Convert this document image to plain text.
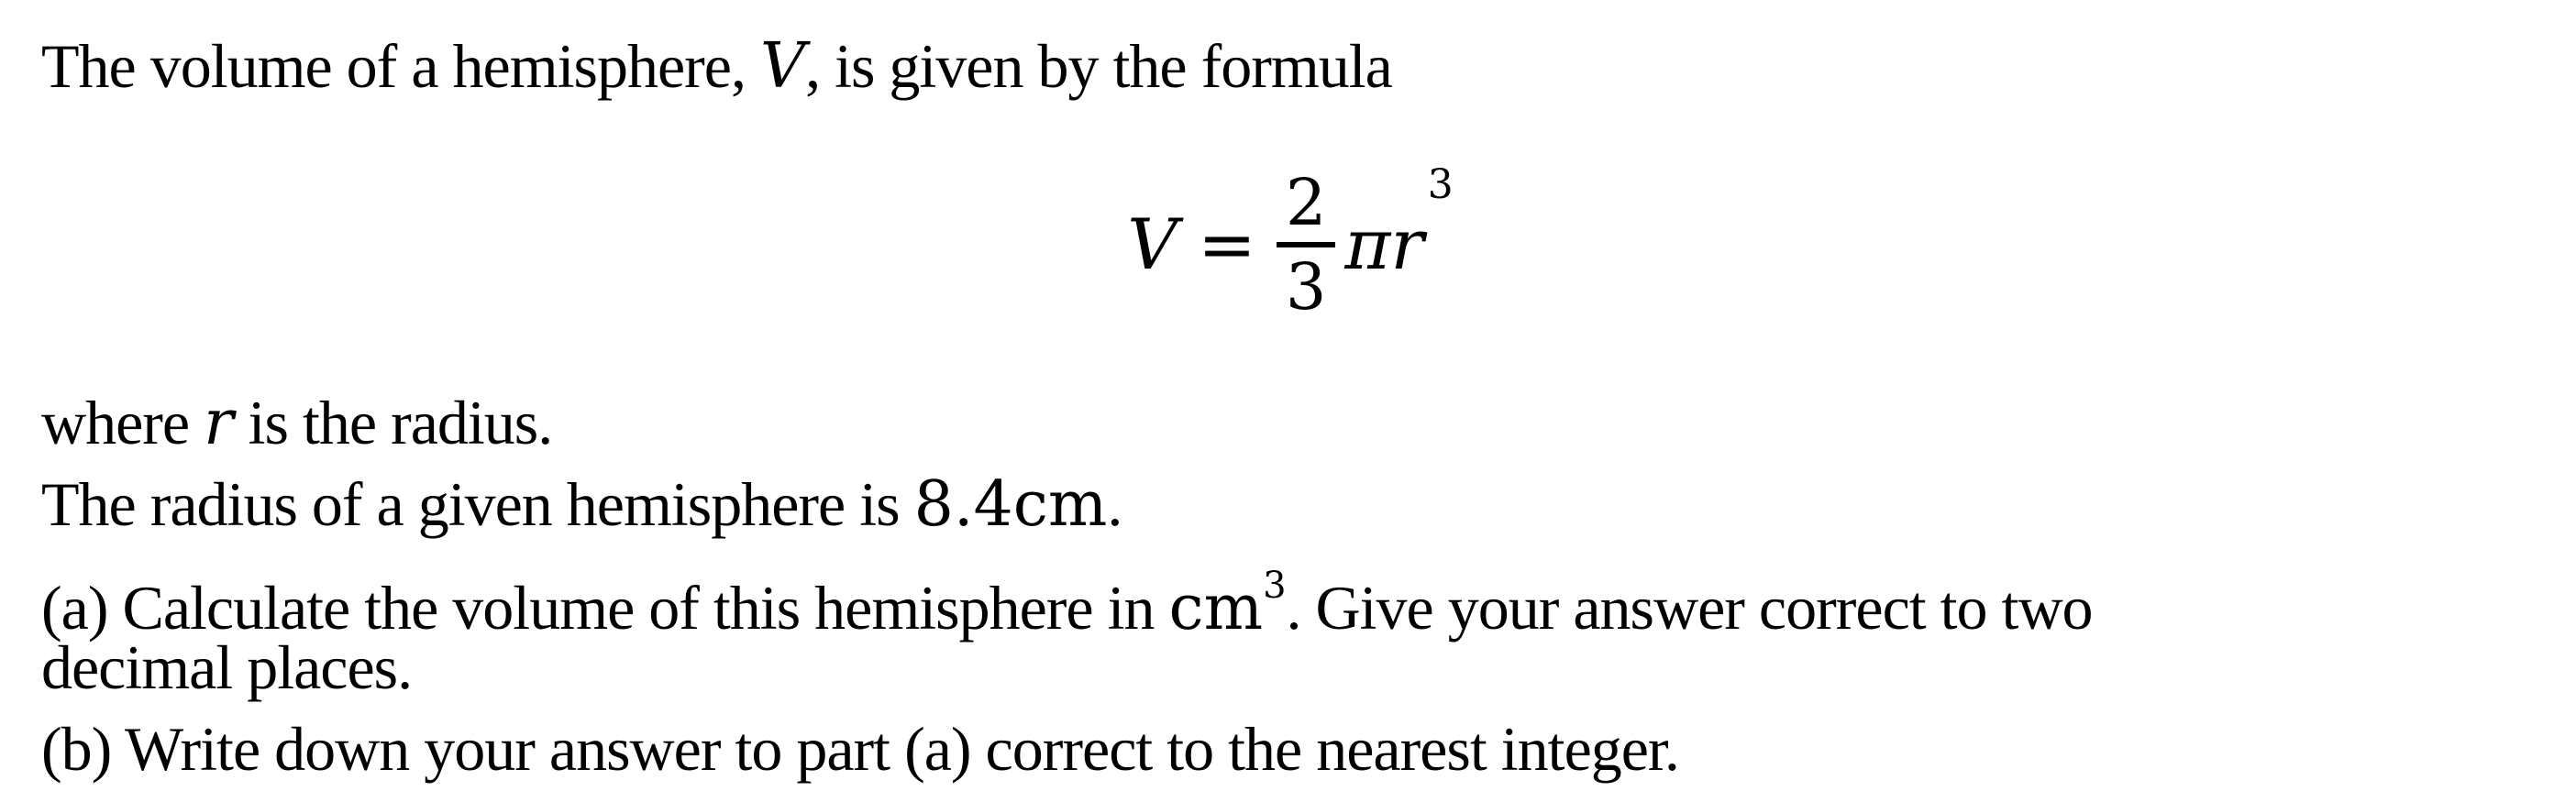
The volume of a hemisphere, V, is given by the formula
$V = \frac{2}{3}$ π r
3
where r is the radius.
The radius of a given hemisphere is 8.4cm.
(a) Calculate the volume of this hemisphere in $cm^3$. Give your answer correct to two
decimal places.
(b) Write down your answer to part (a) correct to the nearest integer.
